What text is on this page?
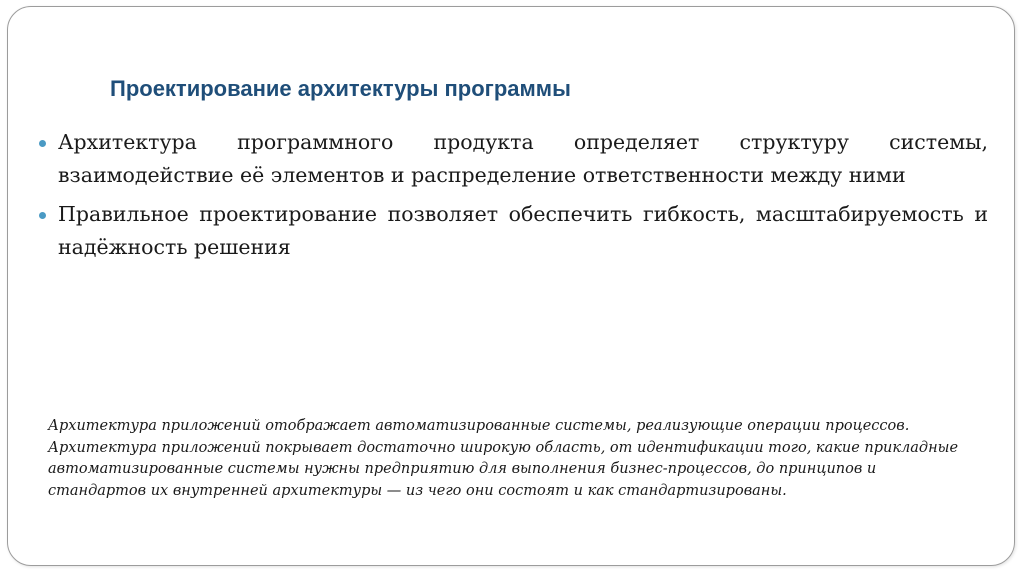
Проектирование архитектуры программы
Архитектура программного продукта определяет структуру системы, взаимодействие её элементов и распределение ответственности между ними
Правильное проектирование позволяет обеспечить гибкость, масштабируемость и надёжность решения

Архитектура приложений отображает автоматизированные системы, реализующие операции процессов.

Архитектура приложений покрывает достаточно широкую область, от идентификации того, какие прикладные автоматизированные системы нужны предприятию для выполнения бизнес-процессов, до принципов и стандартов их внутренней архитектуры — из чего они состоят и как стандартизированы.
